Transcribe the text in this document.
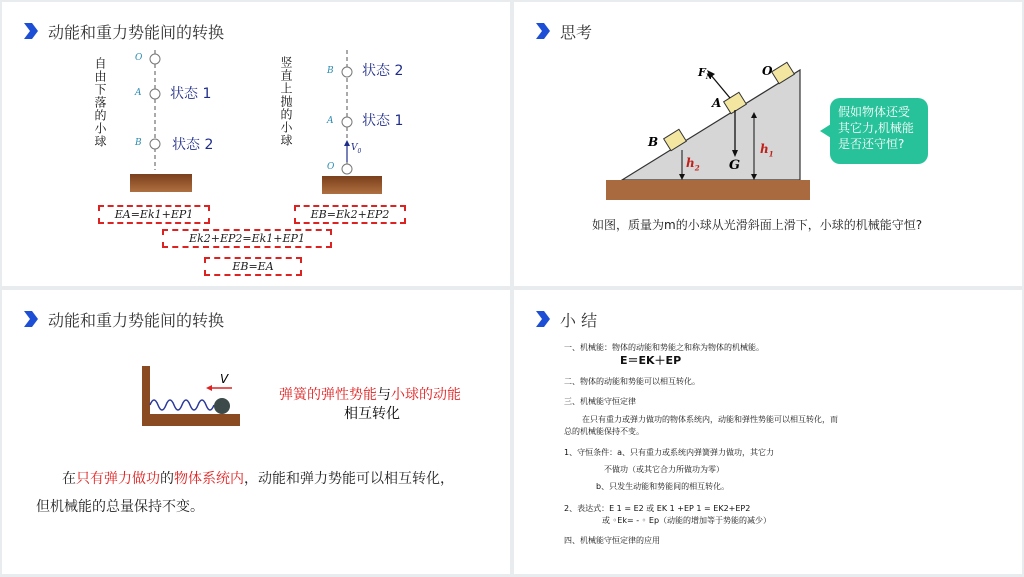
动能和重力势能间的转换
自由下落的小球	竖直上抛的小球
O
A
B
状态 1
状态 2
B
A
O
状态 2
状态 1
$V_0$
EA=Ek1+EP1	EB=Ek2+EP2
Ek2+EP2=Ek1+EP1
EB=EA
思考
$F_N$	O
A
B
G
$h_1$
$h_2$
假如物体还受其它力,机械能是否还守恒?
如图，质量为m的小球从光滑斜面上滑下，小球的机械能守恒?
动能和重力势能间的转换
V
弹簧的弹性势能与小球的动能
相互转化
在只有弹力做功的物体系统内，动能和弹力势能可以相互转化，
但机械能的总量保持不变。
小 结
一、机械能：物体的动能和势能之和称为物体的机械能。
E＝EK＋EP
二、物体的动能和势能可以相互转化。
三、机械能守恒定律
在只有重力或弹力做功的物体系统内，动能和弹性势能可以相互转化，而
总的机械能保持不变。
1、守恒条件：a、只有重力或系统内弹簧弹力做功，其它力
不做功（或其它合力所做功为零）
b、只发生动能和势能间的相互转化。
2、表达式：E 1 = E2 或 EK 1 +EP 1 = EK2+EP2
或 ◦Ek= - ◦ Ep（动能的增加等于势能的减少）
四、机械能守恒定律的应用
